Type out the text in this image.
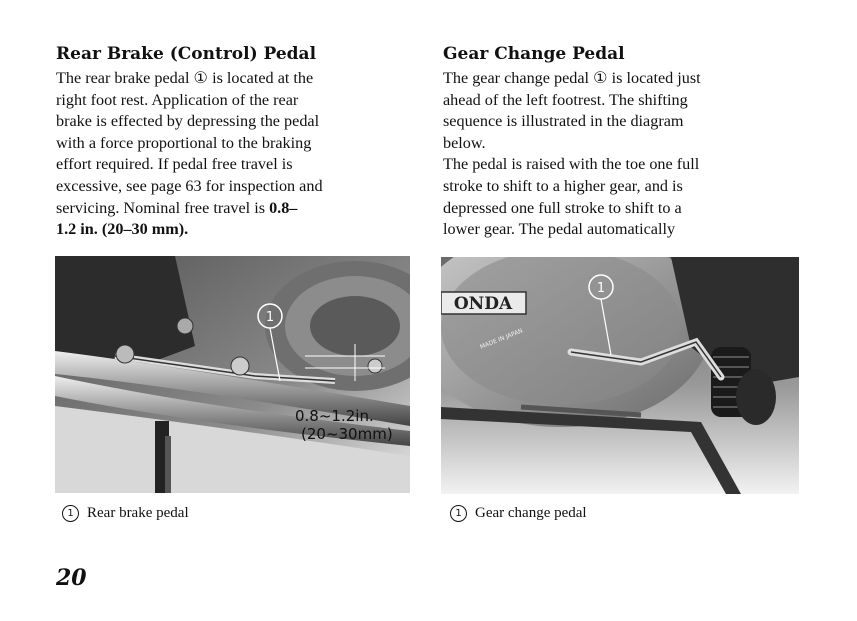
Rear Brake (Control) Pedal

The rear brake pedal ① is located at the

right foot rest. Application of the rear

brake is effected by depressing the pedal

with a force proportional to the braking

effort required. If pedal free travel is

excessive, see page 63 for inspection and

servicing. Nominal free travel is 0.8–

1.2 in. (20–30 mm).

1
0.8~1.2in.
(20~30mm)
1 Rear brake pedal
Gear Change Pedal

The gear change pedal ① is located just

ahead of the left footrest. The shifting

sequence is illustrated in the diagram

below.

The pedal is raised with the toe one full

stroke to shift to a higher gear, and is

depressed one full stroke to shift to a

lower gear. The pedal automatically

ONDA
MADE IN JAPAN
1
1 Gear change pedal
20
